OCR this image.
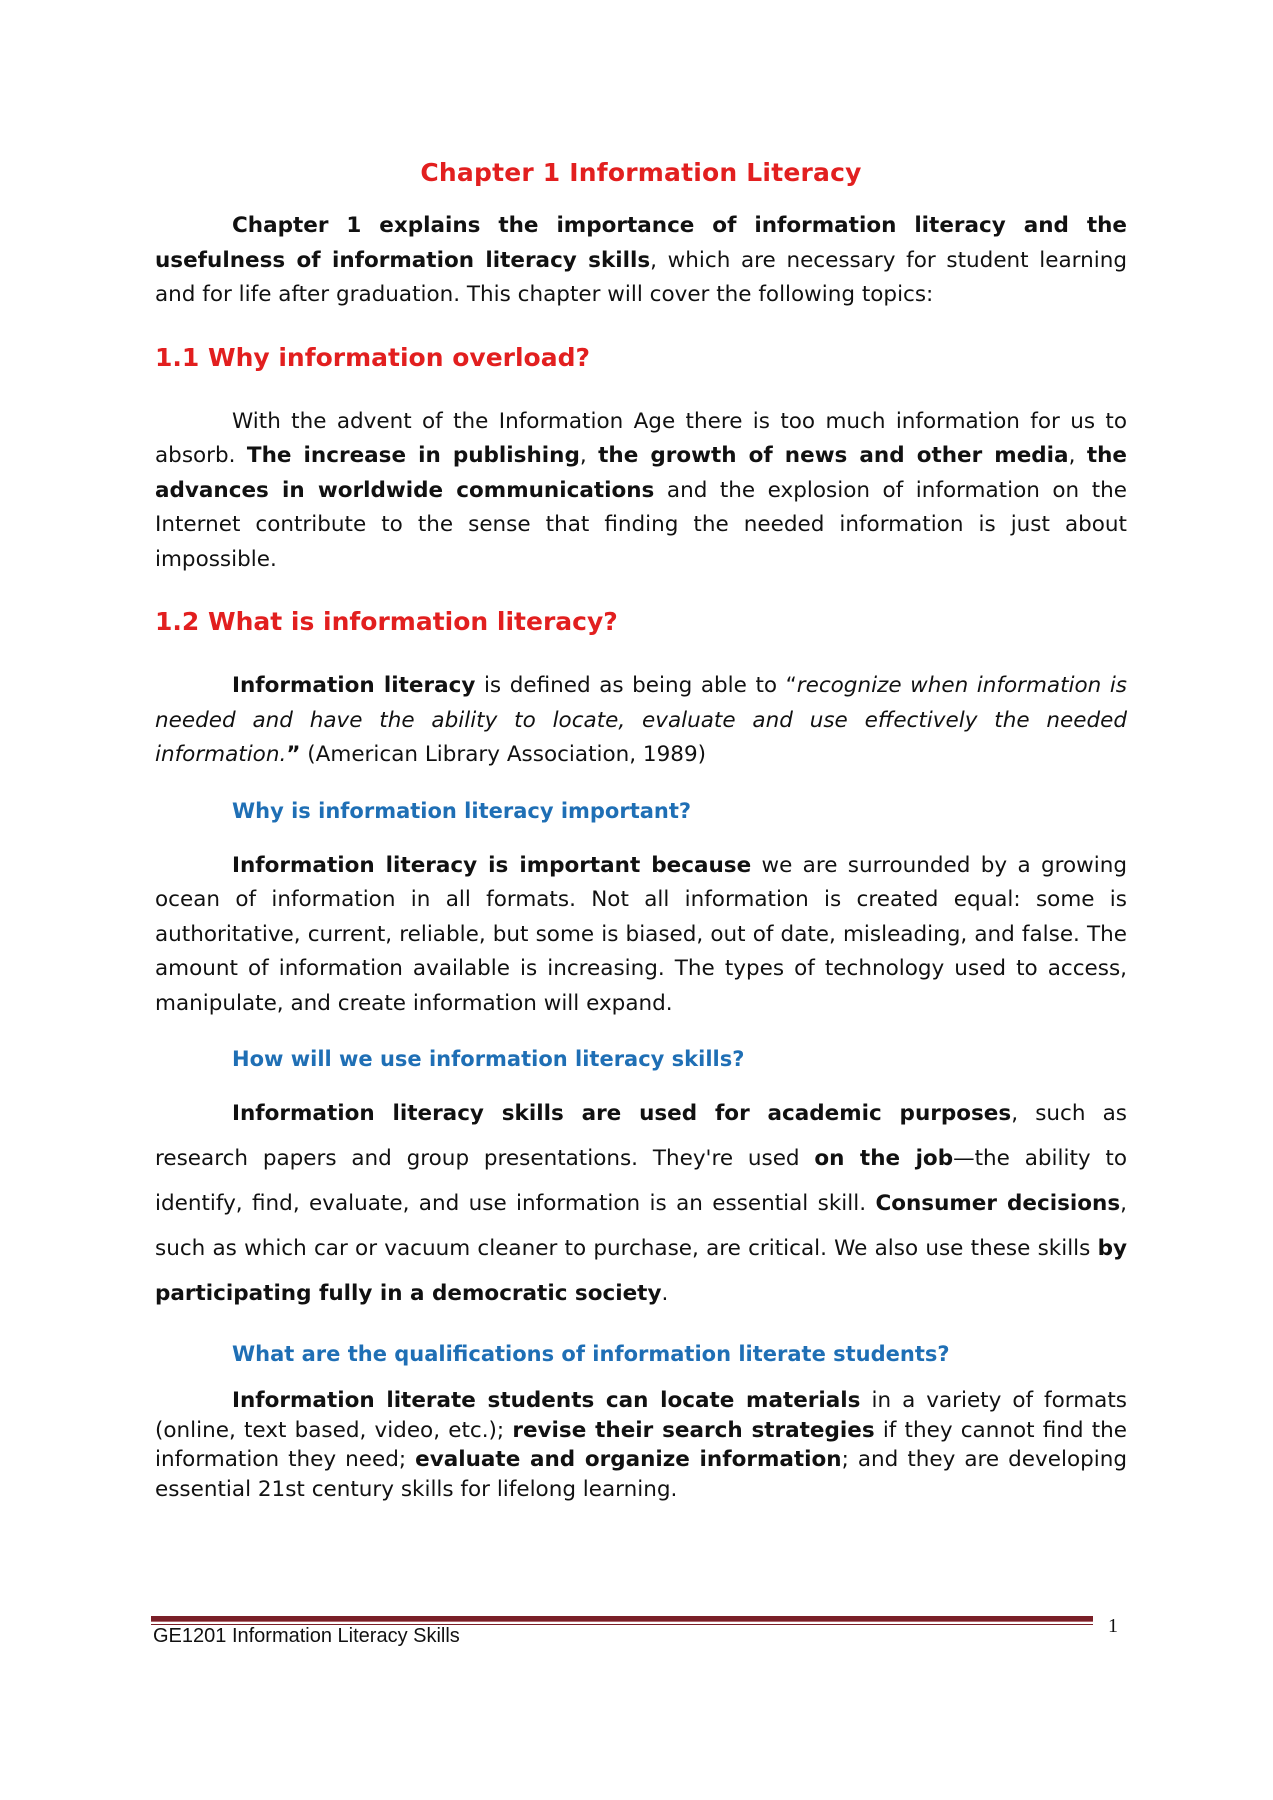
Chapter 1 Information Literacy

Chapter 1 explains the importance of information literacy and the usefulness of information literacy skills, which are necessary for student learning and for life after graduation. This chapter will cover the following topics:

1.1 Why information overload?

With the advent of the Information Age there is too much information for us to absorb. The increase in publishing, the growth of news and other media, the advances in worldwide communications and the explosion of information on the Internet contribute to the sense that finding the needed information is just about impossible.

1.2 What is information literacy?

Information literacy is defined as being able to “recognize when information is needed and have the ability to locate, evaluate and use effectively the needed information.” (American Library Association, 1989)

Why is information literacy important?

Information literacy is important because we are surrounded by a growing ocean of information in all formats. Not all information is created equal: some is authoritative, current, reliable, but some is biased, out of date, misleading, and false. The amount of information available is increasing. The types of technology used to access, manipulate, and create information will expand.

How will we use information literacy skills?

Information literacy skills are used for academic purposes, such as research papers and group presentations. They're used on the job—the ability to identify, find, evaluate, and use information is an essential skill. Consumer decisions, such as which car or vacuum cleaner to purchase, are critical. We also use these skills by participating fully in a democratic society.

What are the qualifications of information literate students?

Information literate students can locate materials in a variety of formats (online, text based, video, etc.); revise their search strategies if they cannot find the information they need; evaluate and organize information; and they are developing essential 21st century skills for lifelong learning.

GE1201 Information Literacy Skills	1
